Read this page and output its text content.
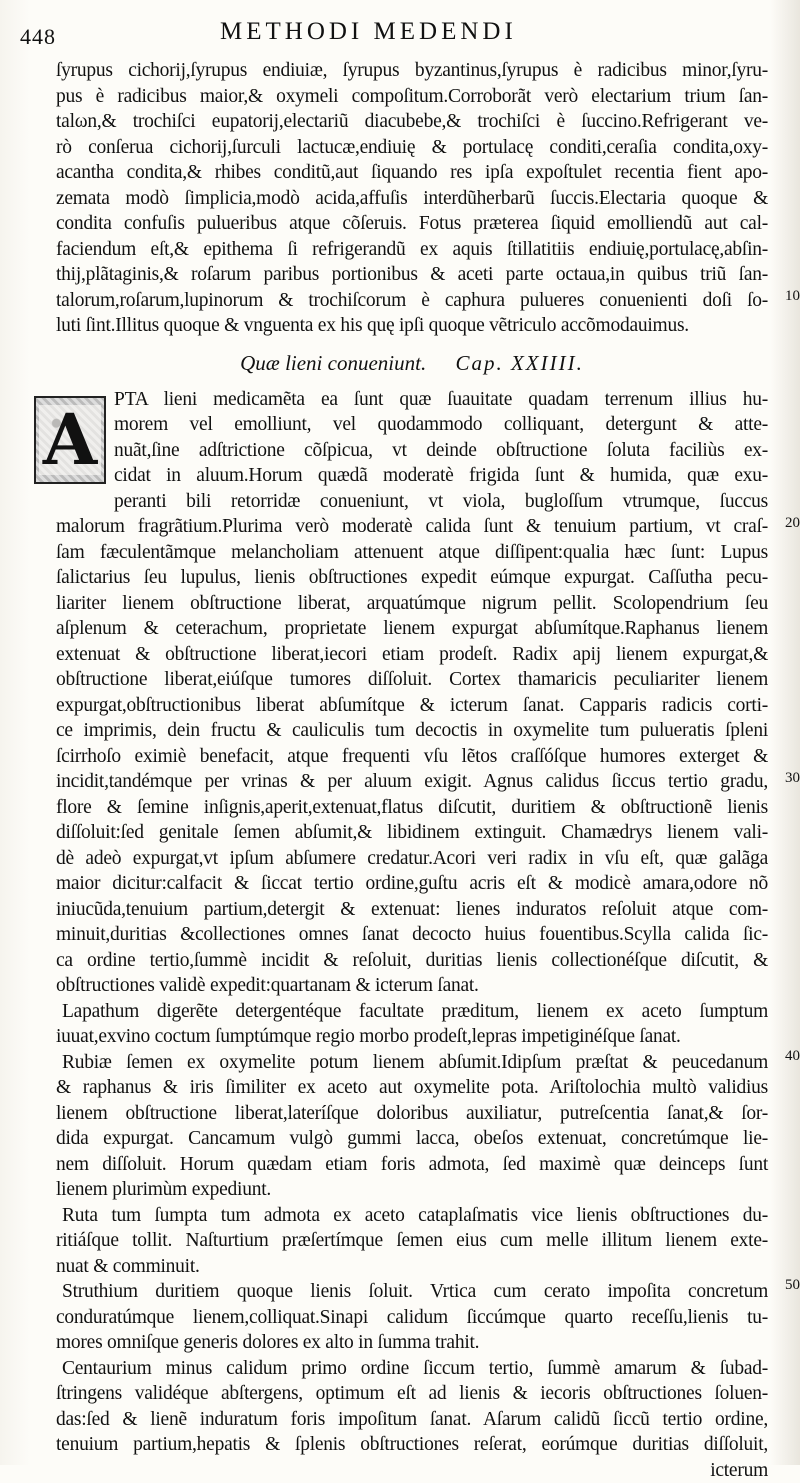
448	METHODI MEDENDI
ſyrupus cichorij,ſyrupus endiuiæ, ſyrupus byzantinus,ſyrupus è radicibus minor,ſyru-
pus è radicibus maior,& oxymeli compoſitum.Corroborãt verò electarium trium ſan-
talωn,& trochiſci eupatorij,electariũ diacubebe,& trochiſci è ſuccino.Refrigerant ve-
rò conſerua cichorij,ſurculi lactucæ,endiuię & portulacę conditi,ceraſia condita,oxy-
acantha condita,& rhibes conditũ,aut ſiquando res ipſa expoſtulet recentia fient apo-
zemata modò ſimplicia,modò acida,affuſis interdũherbarũ ſuccis.Electaria quoque &
condita confuſis pulueribus atque cõſeruis. Fotus præterea ſiquid emolliendũ aut cal-
faciendum eſt,& epithema ſi refrigerandũ ex aquis ſtillatitiis endiuię,portulacę,abſin-
thij,plãtaginis,& roſarum paribus portionibus & aceti parte octaua,in quibus triũ ſan-
talorum,roſarum,lupinorum & trochiſcorum è caphura pulueres conuenienti doſi ſo-
luti ſint.Illitus quoque & vnguenta ex his quę ipſi quoque vẽtriculo accõmodauimus.
10
Quæ lieni conueniunt. Cap. XXIIII.
PTA lieni medicamẽta ea ſunt quæ ſuauitate quadam terrenum illius hu-
morem vel emolliunt, vel quodammodo colliquant, detergunt & atte-
nuãt,ſine adſtrictione cõſpicua, vt deinde obſtructione ſoluta faciliùs ex-
cidat in aluum.Horum quædã moderatè frigida ſunt & humida, quæ exu-
peranti bili retorridæ conueniunt, vt viola, bugloſſum vtrumque, ſuccus
malorum fragrãtium.Plurima verò moderatè calida ſunt & tenuium partium, vt craſ-
ſam fæculentãmque melancholiam attenuent atque diſſipent:qualia hæc ſunt: Lupus
ſalictarius ſeu lupulus, lienis obſtructiones expedit eúmque expurgat. Caſſutha pecu-
liariter lienem obſtructione liberat, arquatúmque nigrum pellit. Scolopendrium ſeu
aſplenum & ceterachum, proprietate lienem expurgat abſumítque.Raphanus lienem
extenuat & obſtructione liberat,iecori etiam prodeſt. Radix apij lienem expurgat,&
obſtructione liberat,eiúſque tumores diſſoluit. Cortex thamaricis peculiariter lienem
expurgat,obſtructionibus liberat abſumítque & icterum ſanat. Capparis radicis corti-
ce imprimis, dein fructu & cauliculis tum decoctis in oxymelite tum pulueratis ſpleni
ſcirrhoſo eximiè benefacit, atque frequenti vſu lẽtos craſſóſque humores exterget &
incidit,tandémque per vrinas & per aluum exigit. Agnus calidus ſiccus tertio gradu,
flore & ſemine inſignis,aperit,extenuat,flatus diſcutit, duritiem & obſtructionẽ lienis
diſſoluit:ſed genitale ſemen abſumit,& libidinem extinguit. Chamædrys lienem vali-
dè adeò expurgat,vt ipſum abſumere credatur.Acori veri radix in vſu eſt, quæ galãga
maior dicitur:calfacit & ſiccat tertio ordine,guſtu acris eſt & modicè amara,odore nõ
iniucũda,tenuium partium,detergit & extenuat: lienes induratos reſoluit atque com-
minuit,duritias &collectiones omnes ſanat decocto huius fouentibus.Scylla calida ſic-
ca ordine tertio,ſummè incidit & reſoluit, duritias lienis collectionéſque diſcutit, &
obſtructiones validè expedit:quartanam & icterum ſanat.
20
30
Lapathum digerẽte detergentéque facultate præditum, lienem ex aceto ſumptum
iuuat,exvino coctum ſumptúmque regio morbo prodeſt,lepras impetiginéſque ſanat.
Rubiæ ſemen ex oxymelite potum lienem abſumit.Idipſum præſtat & peucedanum
& raphanus & iris ſimiliter ex aceto aut oxymelite pota. Ariſtolochia multò validius
lienem obſtructione liberat,lateríſque doloribus auxiliatur, putreſcentia ſanat,& ſor-
dida expurgat. Cancamum vulgò gummi lacca, obeſos extenuat, concretúmque lie-
nem diſſoluit. Horum quædam etiam foris admota, ſed maximè quæ deinceps ſunt
lienem plurimùm expediunt.
40
Ruta tum ſumpta tum admota ex aceto cataplaſmatis vice lienis obſtructiones du-
ritiáſque tollit. Naſturtium præſertímque ſemen eius cum melle illitum lienem exte-
nuat & comminuit.
Struthium duritiem quoque lienis ſoluit. Vrtica cum cerato impoſita concretum
conduratúmque lienem,colliquat.Sinapi calidum ſiccúmque quarto receſſu,lienis tu-
mores omniſque generis dolores ex alto in ſumma trahit.
50
Centaurium minus calidum primo ordine ſiccum tertio, ſummè amarum & ſubad-
ſtringens validéque abſtergens, optimum eſt ad lienis & iecoris obſtructiones ſoluen-
das:ſed & lienẽ induratum foris impoſitum ſanat. Aſarum calidũ ſiccũ tertio ordine,
tenuium partium,hepatis & ſplenis obſtructiones reſerat, eorúmque duritias diſſoluit,
icterum
A
